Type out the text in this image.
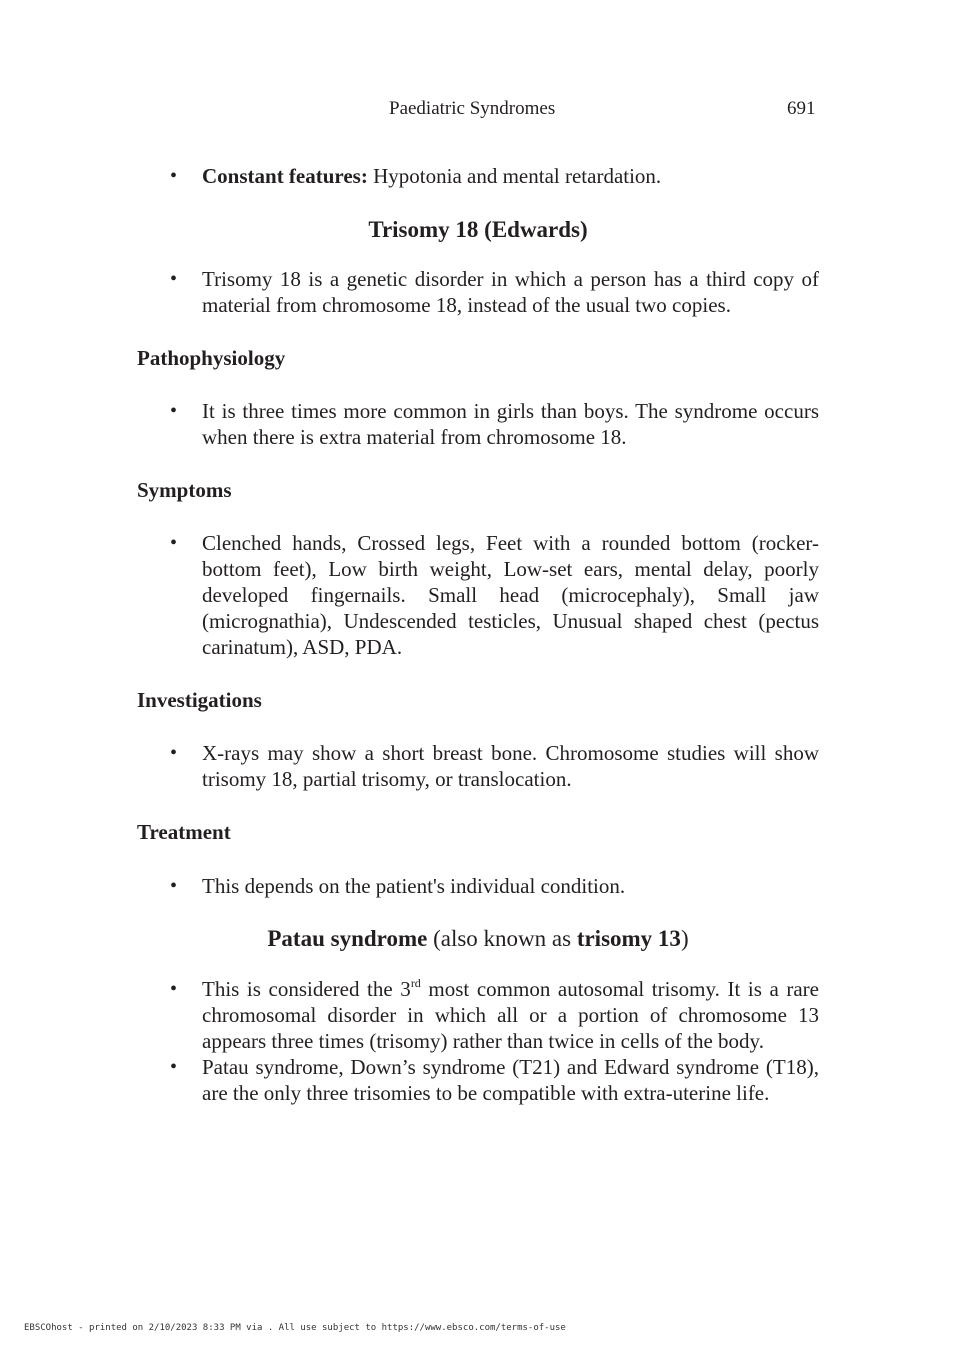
Paediatric Syndromes	691
• Constant features: Hypotonia and mental retardation.

Trisomy 18 (Edwards)
• Trisomy 18 is a genetic disorder in which a person has a third copy of material from chromosome 18, instead of the usual two copies.

Pathophysiology
• It is three times more common in girls than boys. The syndrome occurs when there is extra material from chromosome 18.

Symptoms
• Clenched hands, Crossed legs, Feet with a rounded bottom (rocker-bottom feet), Low birth weight, Low-set ears, mental delay, poorly developed fingernails. Small head (microcephaly), Small jaw (micrognathia), Undescended testicles, Unusual shaped chest (pectus carinatum), ASD, PDA.

Investigations
• X-rays may show a short breast bone. Chromosome studies will show trisomy 18, partial trisomy, or translocation.

Treatment
• This depends on the patient's individual condition.

Patau syndrome (also known as trisomy 13)
• This is considered the 3rd most common autosomal trisomy. It is a rare chromosomal disorder in which all or a portion of chromosome 13 appears three times (trisomy) rather than twice in cells of the body.

• Patau syndrome, Down’s syndrome (T21) and Edward syndrome (T18), are the only three trisomies to be compatible with extra-uterine life.

EBSCOhost - printed on 2/10/2023 8:33 PM via . All use subject to https://www.ebsco.com/terms-of-use
